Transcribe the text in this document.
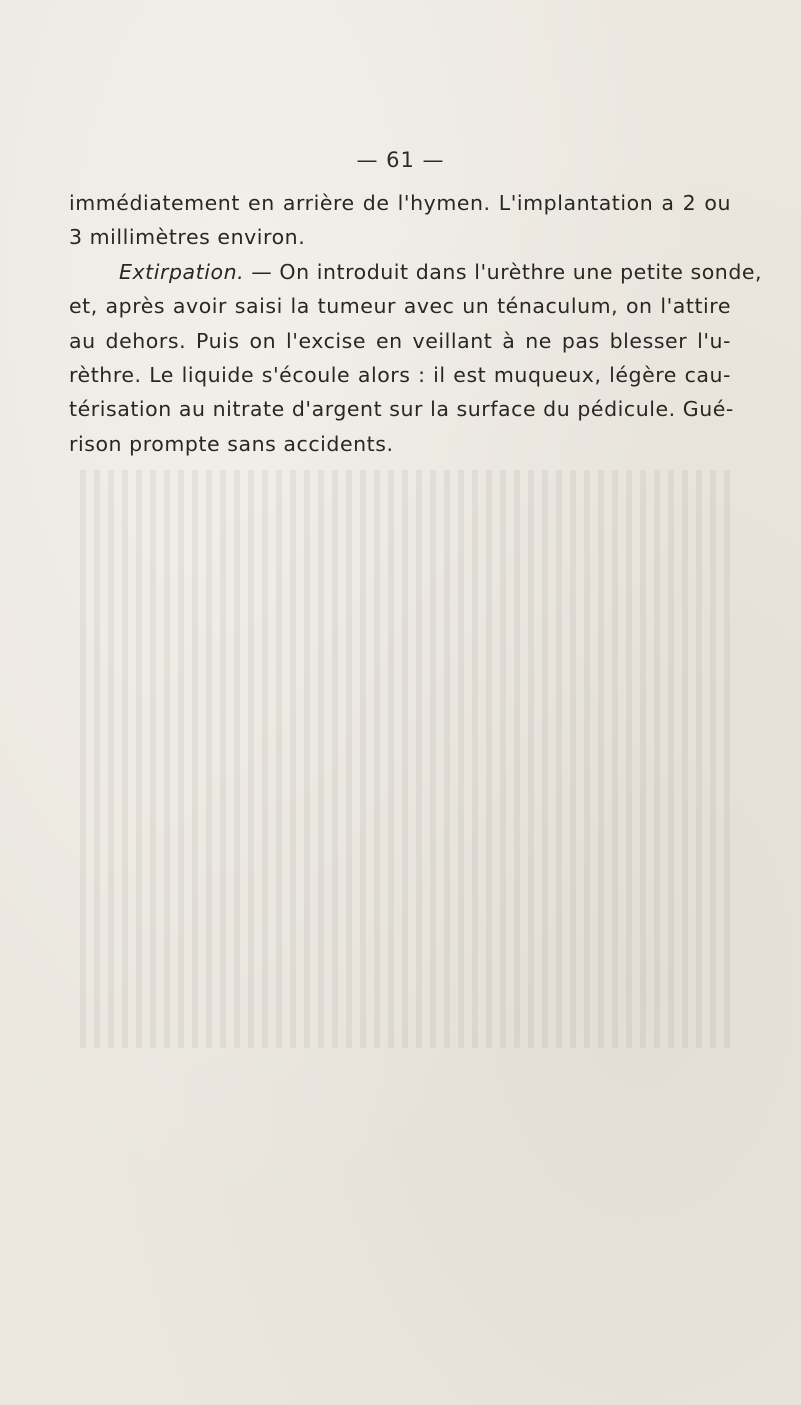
— 61 —
immédiatement en arrière de l'hymen. L'implantation a 2 ou
3 millimètres environ.
Extirpation. — On introduit dans l'urèthre une petite sonde,
et, après avoir saisi la tumeur avec un ténaculum, on l'attire
au dehors. Puis on l'excise en veillant à ne pas blesser l'u-
rèthre. Le liquide s'écoule alors : il est muqueux, légère cau-
térisation au nitrate d'argent sur la surface du pédicule. Gué-
rison prompte sans accidents.
